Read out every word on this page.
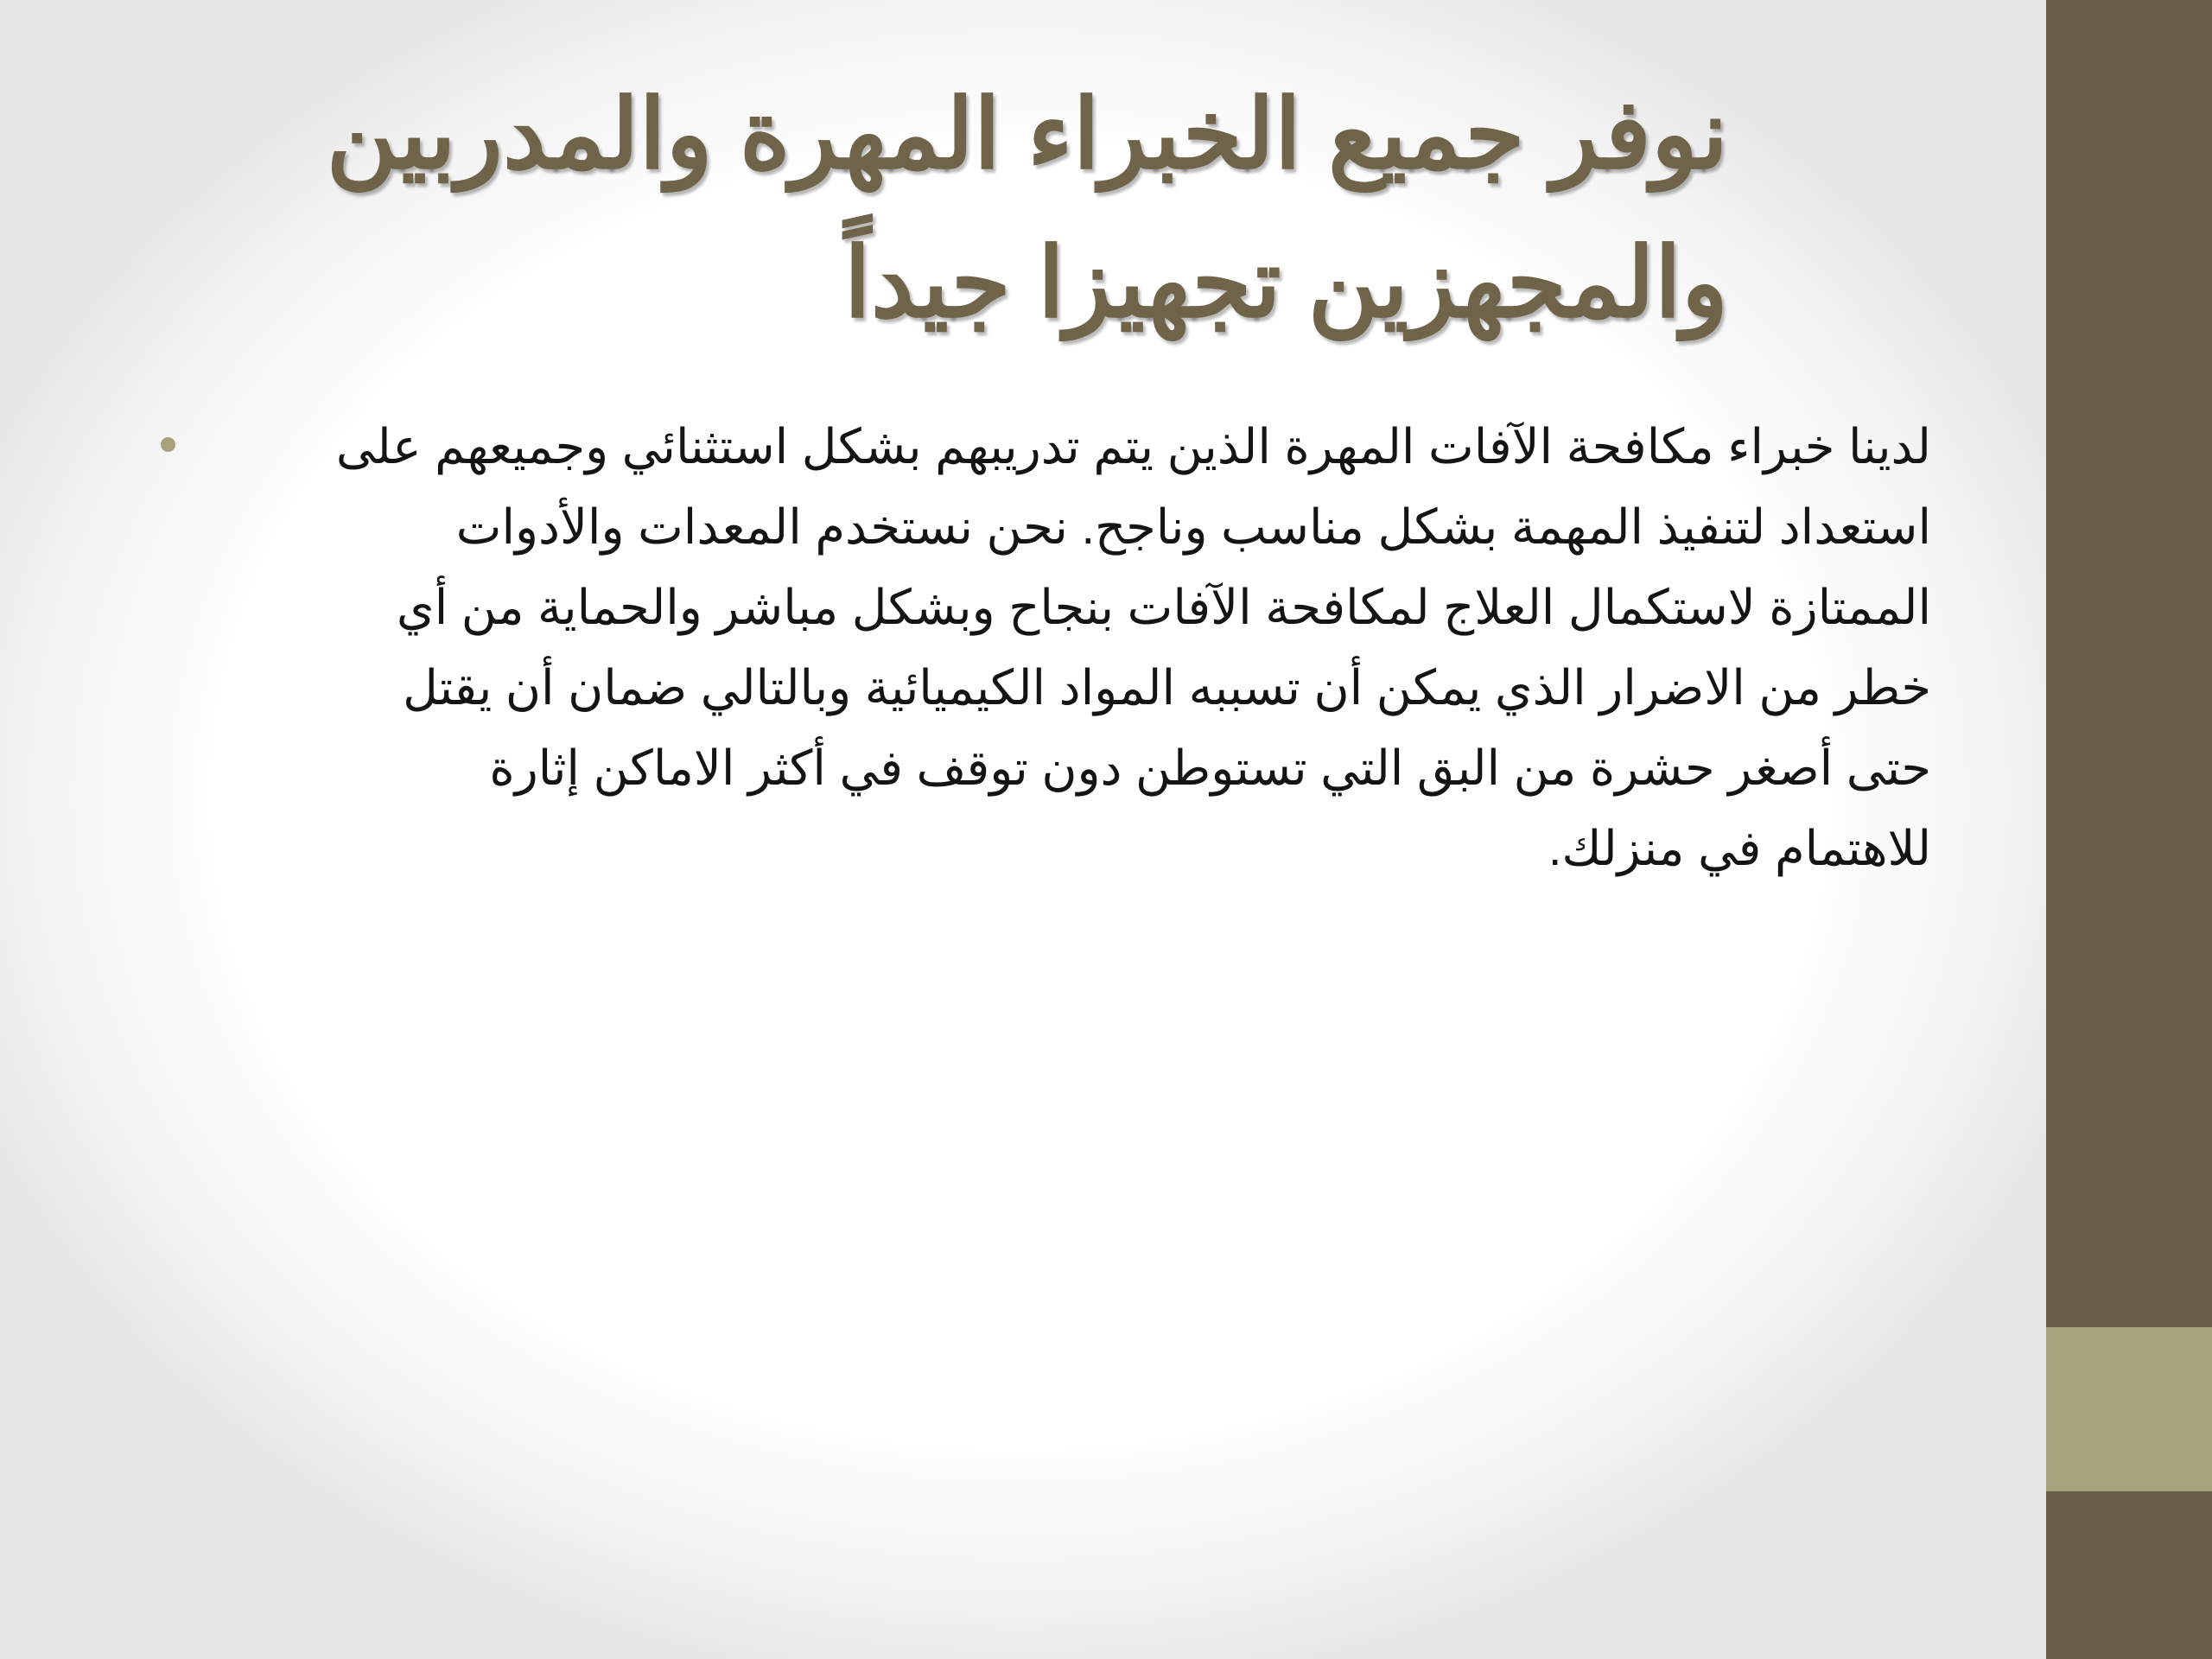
نوفر جميع الخبراء المهرة والمدربين
والمجهزين تجهيزا جيداً
لدينا خبراء مكافحة الآفات المهرة الذين يتم تدريبهم بشكل استثنائي وجميعهم على
استعداد لتنفيذ المهمة بشكل مناسب وناجح. نحن نستخدم المعدات والأدوات
الممتازة لاستكمال العلاج لمكافحة الآفات بنجاح وبشكل مباشر والحماية من أي
خطر من الاضرار الذي يمكن أن تسببه المواد الكيميائية وبالتالي ضمان أن يقتل
حتى أصغر حشرة من البق التي تستوطن دون توقف في أكثر الاماكن إثارة
للاهتمام في منزلك.
